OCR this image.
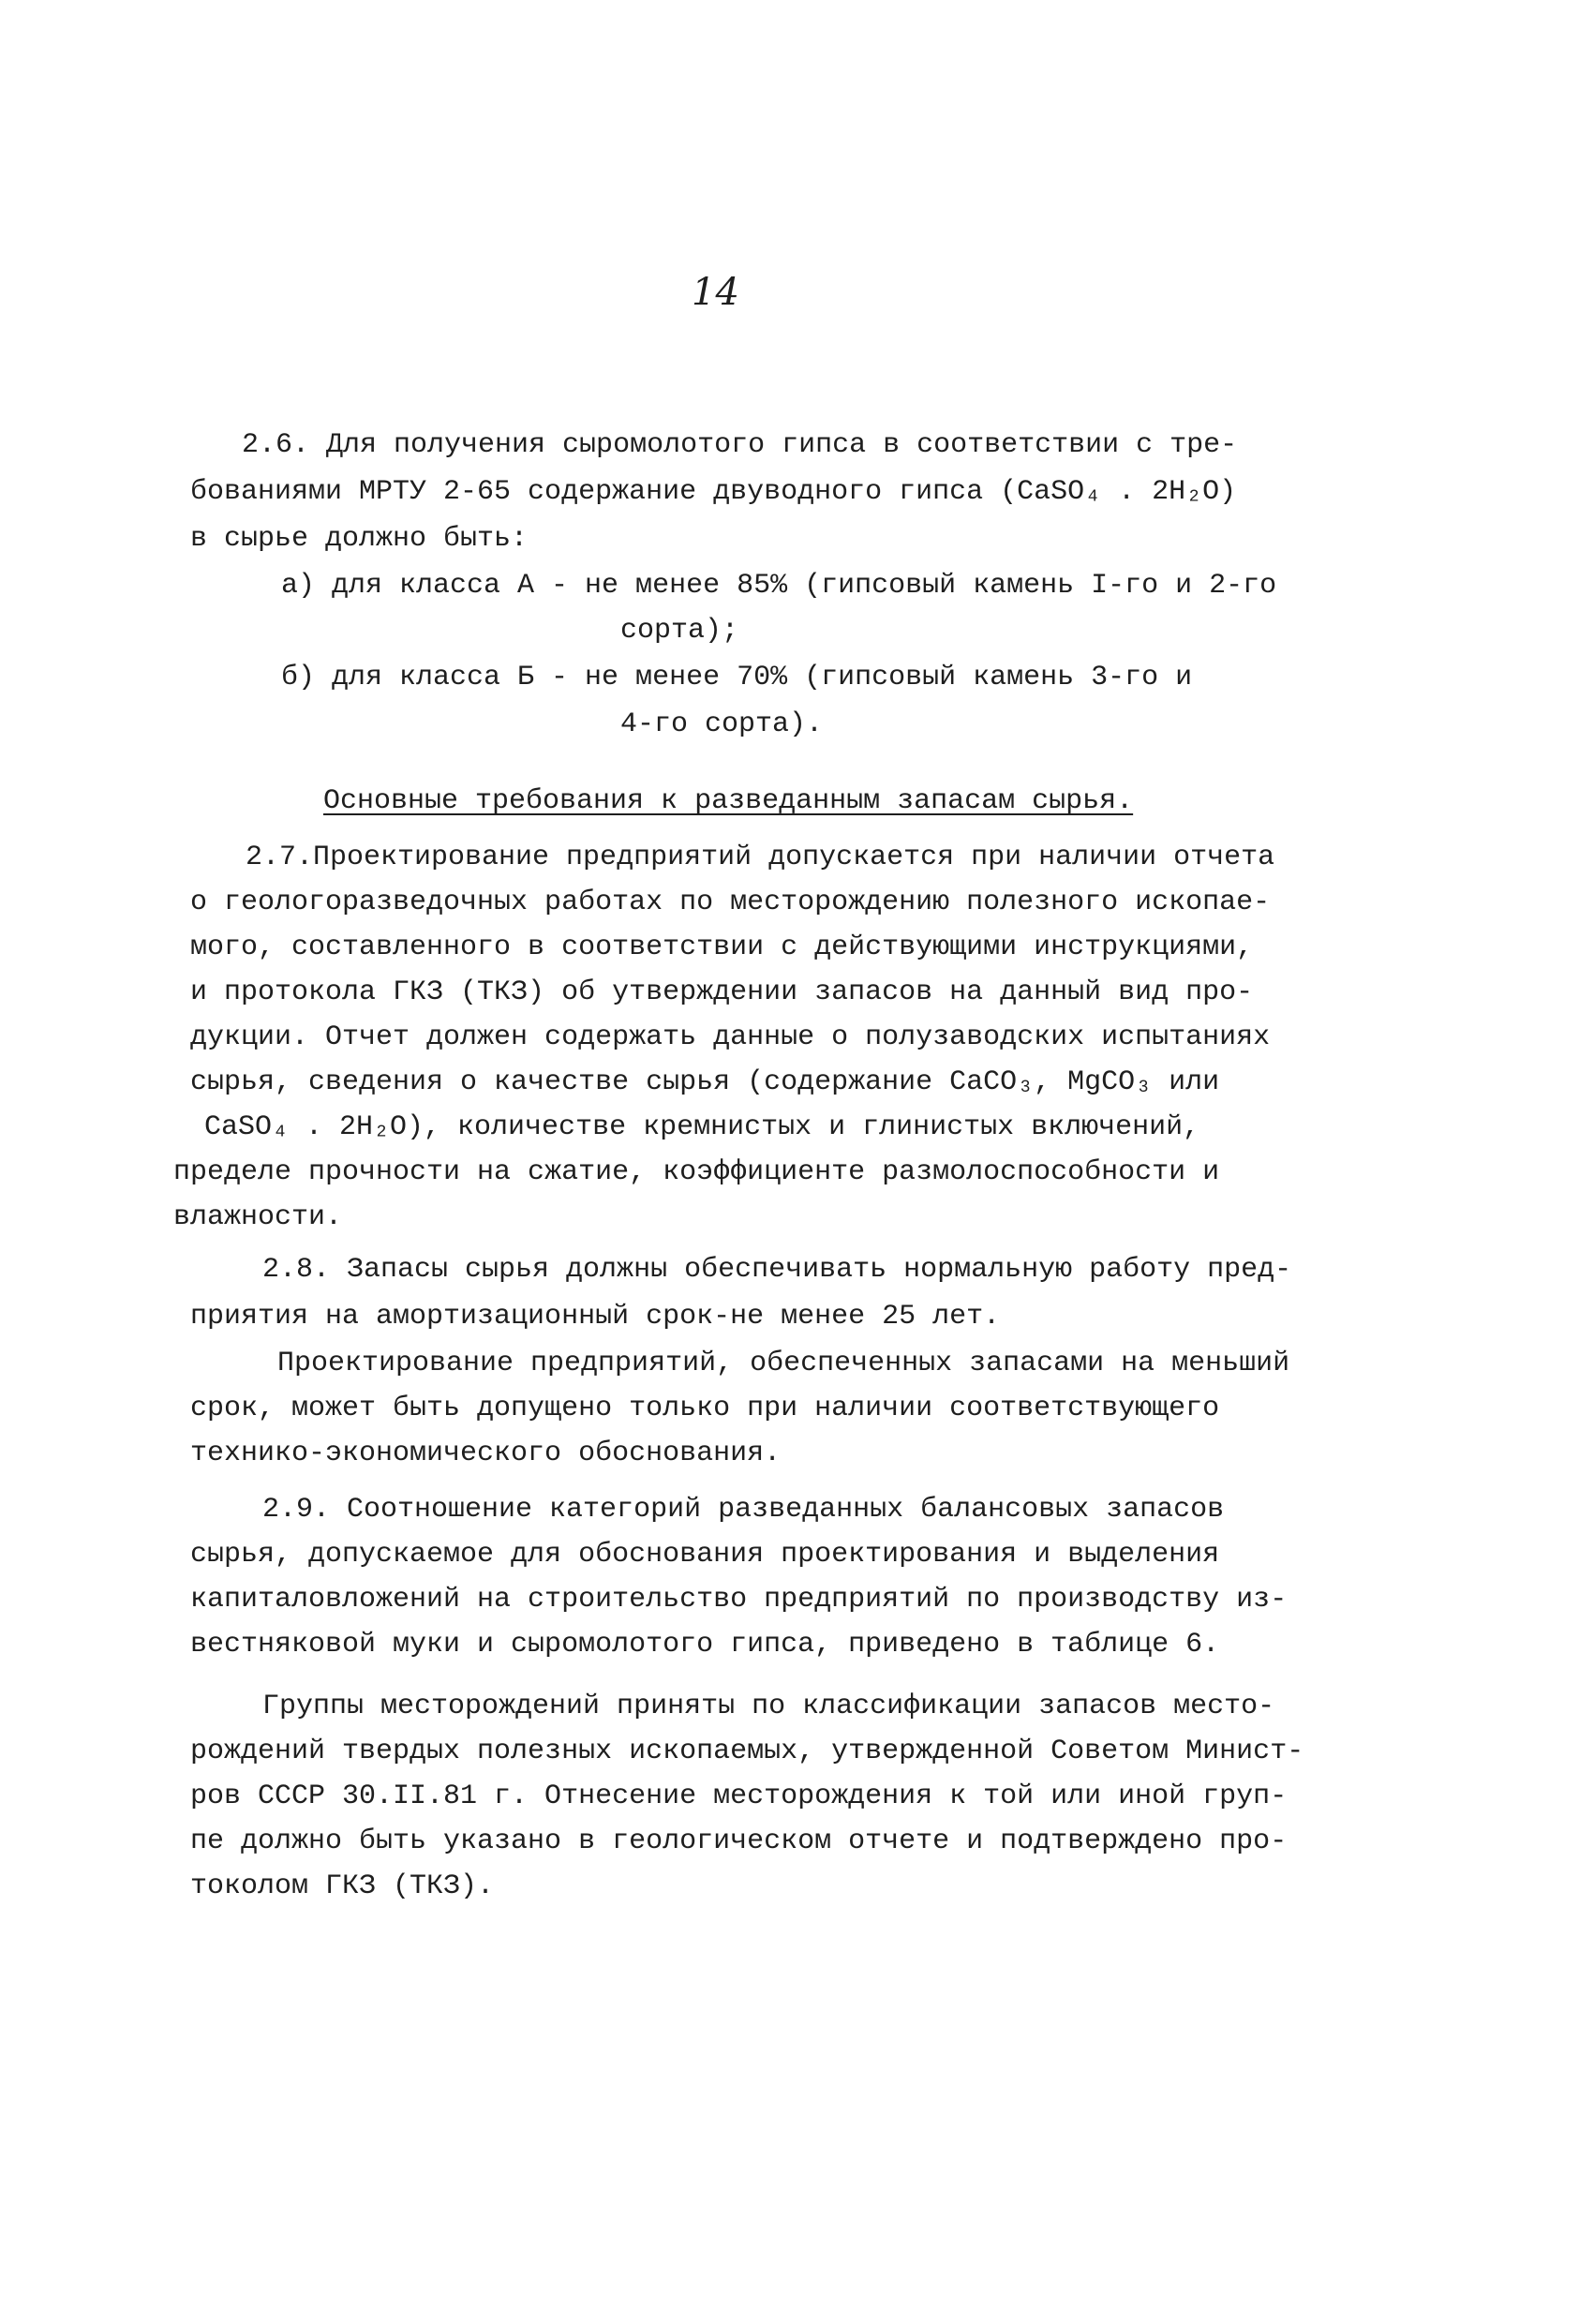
14
2.6. Для получения сыромолотого гипса в соответствии с тре-
бованиями МРТУ 2-65 содержание двуводного гипса (CaSO₄ . 2H₂O)
в сырье должно быть:
а) для класса А - не менее 85% (гипсовый камень I-го и 2-го
сорта);
б) для класса Б - не менее 70% (гипсовый камень 3-го и
4-го сорта).
Основные требования к разведанным запасам сырья.
2.7.Проектирование предприятий допускается при наличии отчета
о геологоразведочных работах по месторождению полезного ископае-
мого, составленного в соответствии с действующими инструкциями,
и протокола ГКЗ (ТКЗ) об утверждении запасов на данный вид про-
дукции. Отчет должен содержать данные о полузаводских испытаниях
сырья, сведения о качестве сырья (содержание CaCO₃, MgCO₃ или
CaSO₄ . 2H₂O), количестве кремнистых и глинистых включений,
пределе прочности на сжатие, коэффициенте размолоспособности и
влажности.
2.8. Запасы сырья должны обеспечивать нормальную работу пред-
приятия на амортизационный срок-не менее 25 лет.
Проектирование предприятий, обеспеченных запасами на меньший
срок, может быть допущено только при наличии соответствующего
технико-экономического обоснования.
2.9. Соотношение категорий разведанных балансовых запасов
сырья, допускаемое для обоснования проектирования и выделения
капиталовложений на строительство предприятий по производству из-
вестняковой муки и сыромолотого гипса, приведено в таблице 6.
Группы месторождений приняты по классификации запасов место-
рождений твердых полезных ископаемых, утвержденной Советом Минист-
ров СССР 30.II.81 г. Отнесение месторождения к той или иной груп-
пе должно быть указано в геологическом отчете и подтверждено про-
токолом ГКЗ (ТКЗ).
